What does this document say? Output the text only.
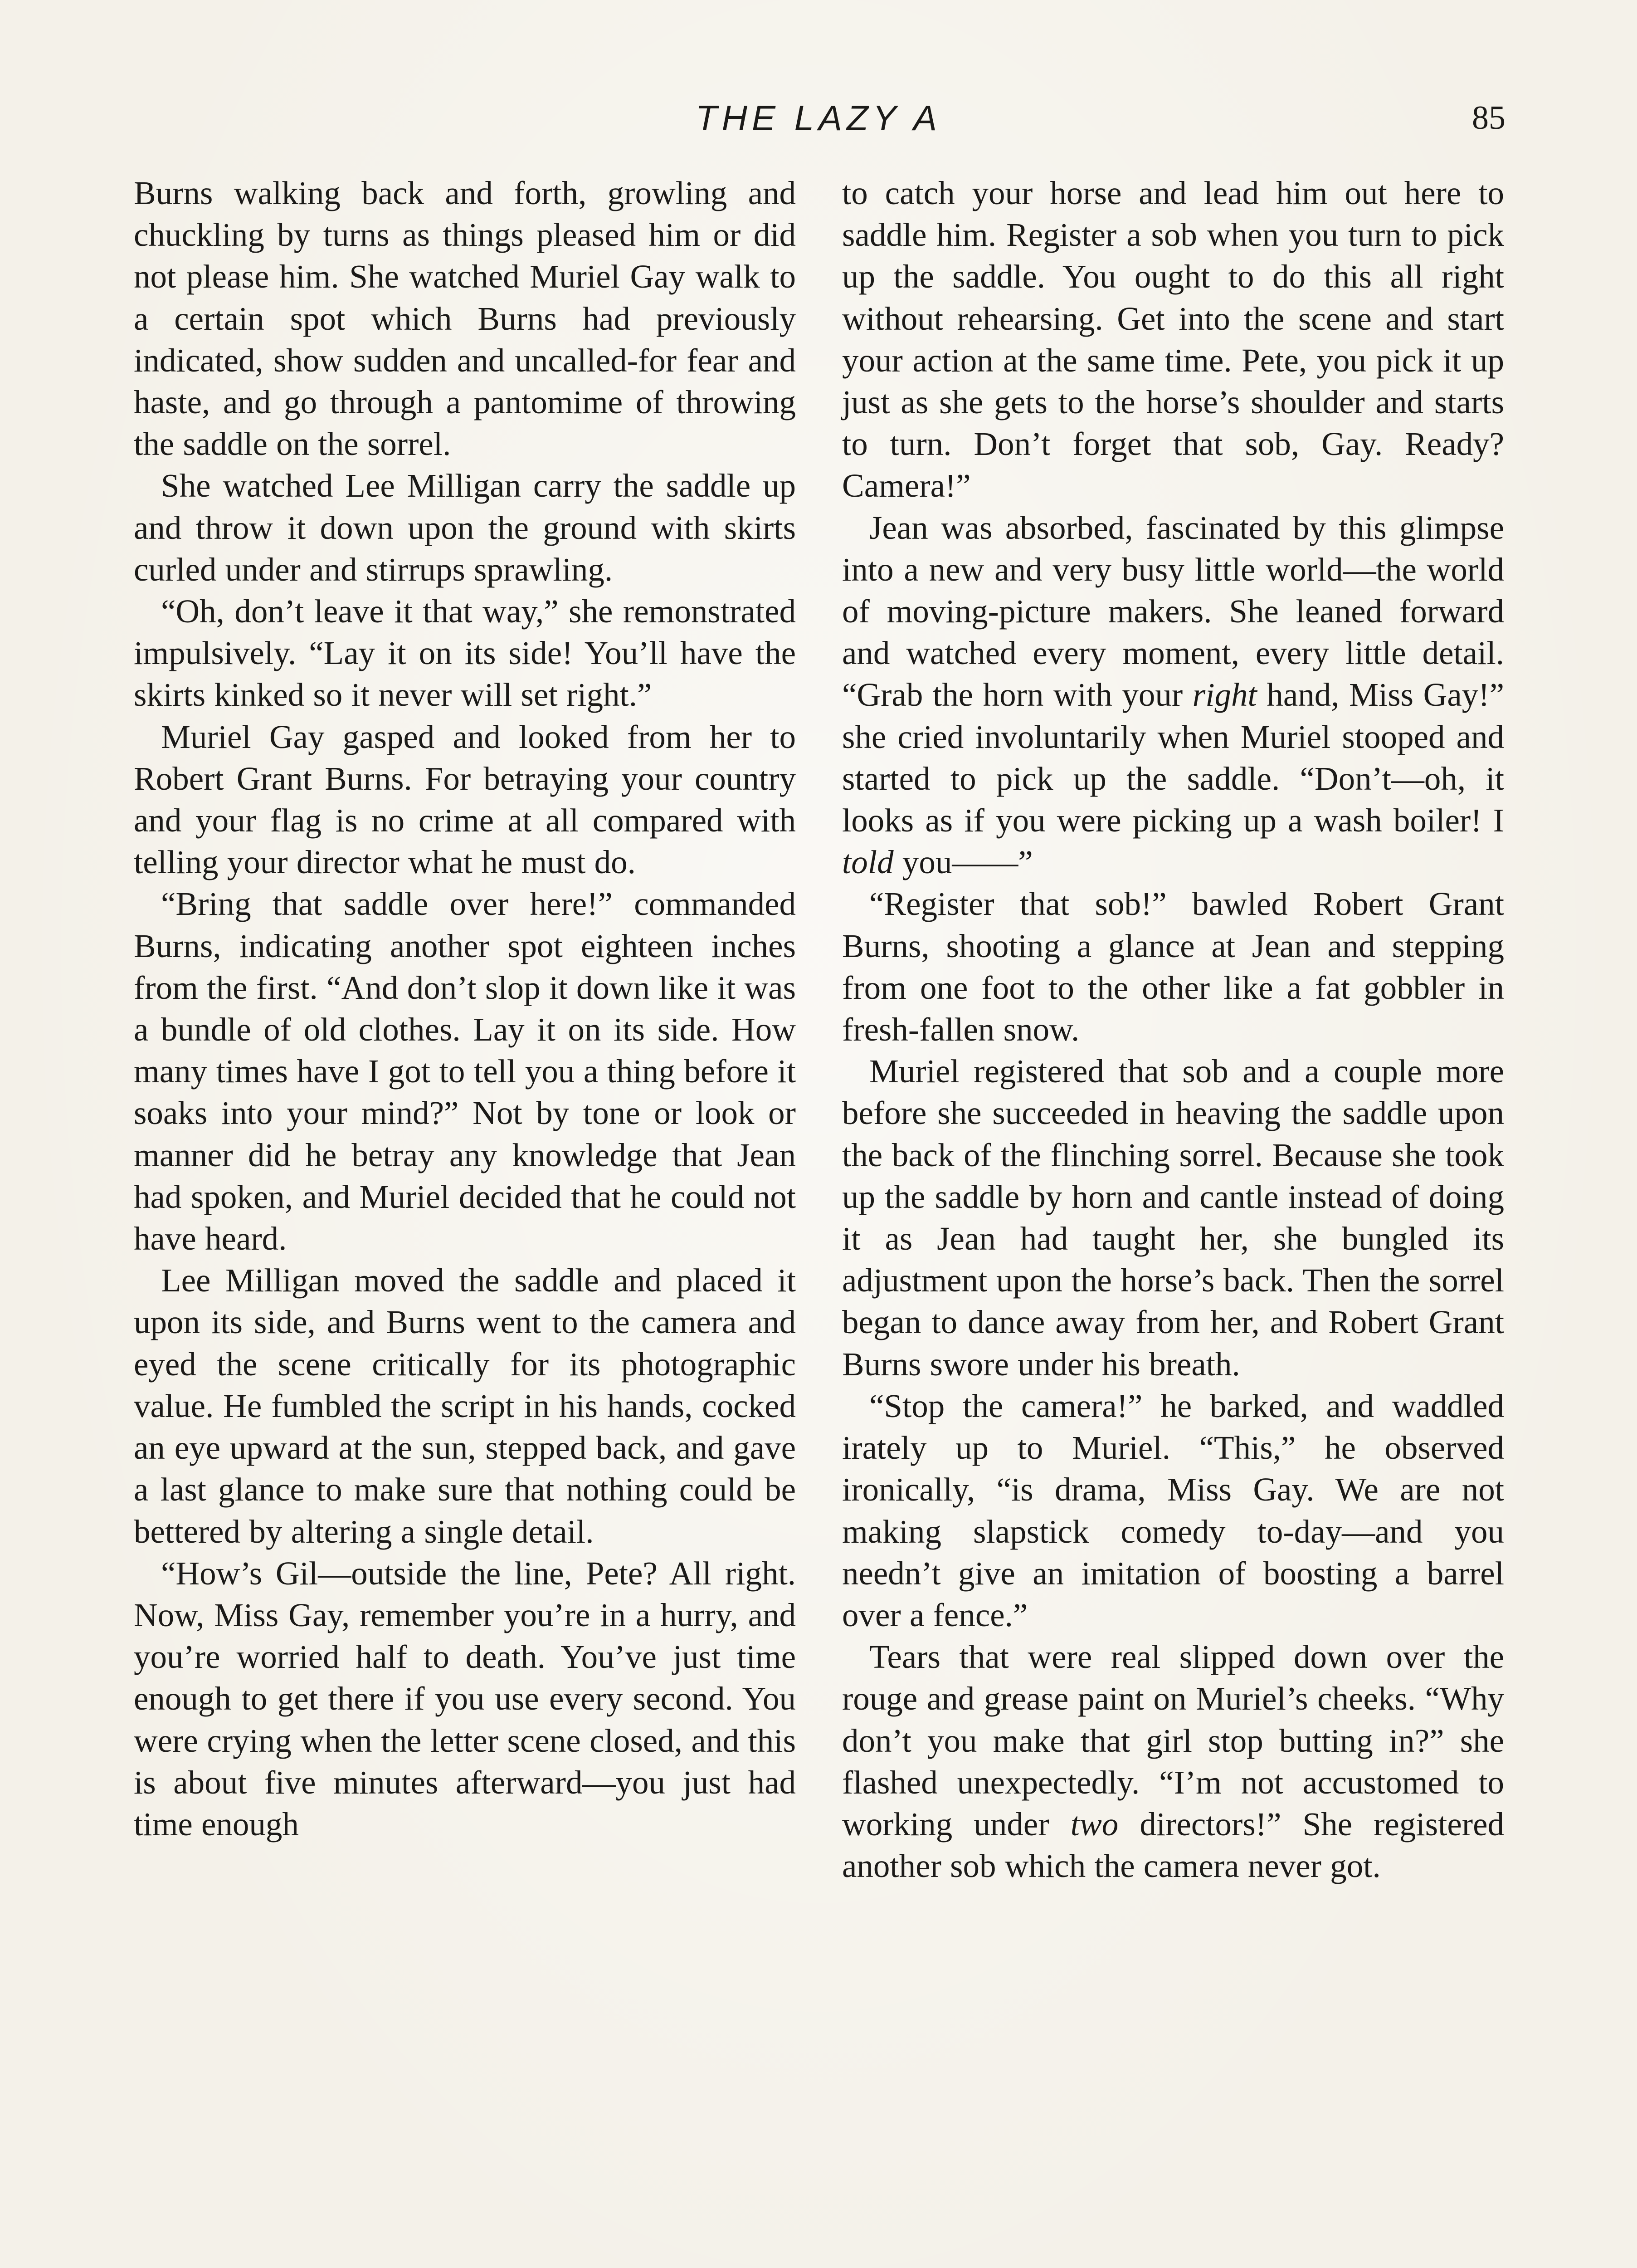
THE LAZY A	85

Burns walking back and forth, growling and chuckling by turns as things pleased him or did not please him. She watched Muriel Gay walk to a certain spot which Burns had previously indicated, show sudden and uncalled-for fear and haste, and go through a pantomime of throwing the saddle on the sorrel.

She watched Lee Milligan carry the saddle up and throw it down upon the ground with skirts curled under and stirrups sprawling.

“Oh, don’t leave it that way,” she remonstrated impulsively. “Lay it on its side! You’ll have the skirts kinked so it never will set right.”

Muriel Gay gasped and looked from her to Robert Grant Burns. For betraying your country and your flag is no crime at all compared with telling your director what he must do.

“Bring that saddle over here!” commanded Burns, indicating another spot eighteen inches from the first. “And don’t slop it down like it was a bundle of old clothes. Lay it on its side. How many times have I got to tell you a thing before it soaks into your mind?” Not by tone or look or manner did he betray any knowledge that Jean had spoken, and Muriel decided that he could not have heard.

Lee Milligan moved the saddle and placed it upon its side, and Burns went to the camera and eyed the scene critically for its photographic value. He fumbled the script in his hands, cocked an eye upward at the sun, stepped back, and gave a last glance to make sure that nothing could be bettered by altering a single detail.

“How’s Gil—outside the line, Pete? All right. Now, Miss Gay, remember you’re in a hurry, and you’re worried half to death. You’ve just time enough to get there if you use every second. You were crying when the letter scene closed, and this is about five minutes afterward—you just had time enough

to catch your horse and lead him out here to saddle him. Register a sob when you turn to pick up the saddle. You ought to do this all right without rehearsing. Get into the scene and start your action at the same time. Pete, you pick it up just as she gets to the horse’s shoulder and starts to turn. Don’t forget that sob, Gay. Ready? Camera!”

Jean was absorbed, fascinated by this glimpse into a new and very busy little world—the world of moving-picture makers. She leaned forward and watched every moment, every little detail. “Grab the horn with your right hand, Miss Gay!” she cried involuntarily when Muriel stooped and started to pick up the saddle. “Don’t—oh, it looks as if you were picking up a wash boiler! I told you——”

“Register that sob!” bawled Robert Grant Burns, shooting a glance at Jean and stepping from one foot to the other like a fat gobbler in fresh-fallen snow.

Muriel registered that sob and a couple more before she succeeded in heaving the saddle upon the back of the flinching sorrel. Because she took up the saddle by horn and cantle instead of doing it as Jean had taught her, she bungled its adjustment upon the horse’s back. Then the sorrel began to dance away from her, and Robert Grant Burns swore under his breath.

“Stop the camera!” he barked, and waddled irately up to Muriel. “This,” he observed ironically, “is drama, Miss Gay. We are not making slapstick comedy to-day—and you needn’t give an imitation of boosting a barrel over a fence.”

Tears that were real slipped down over the rouge and grease paint on Muriel’s cheeks. “Why don’t you make that girl stop butting in?” she flashed unexpectedly. “I’m not accustomed to working under two directors!” She registered another sob which the camera never got.
